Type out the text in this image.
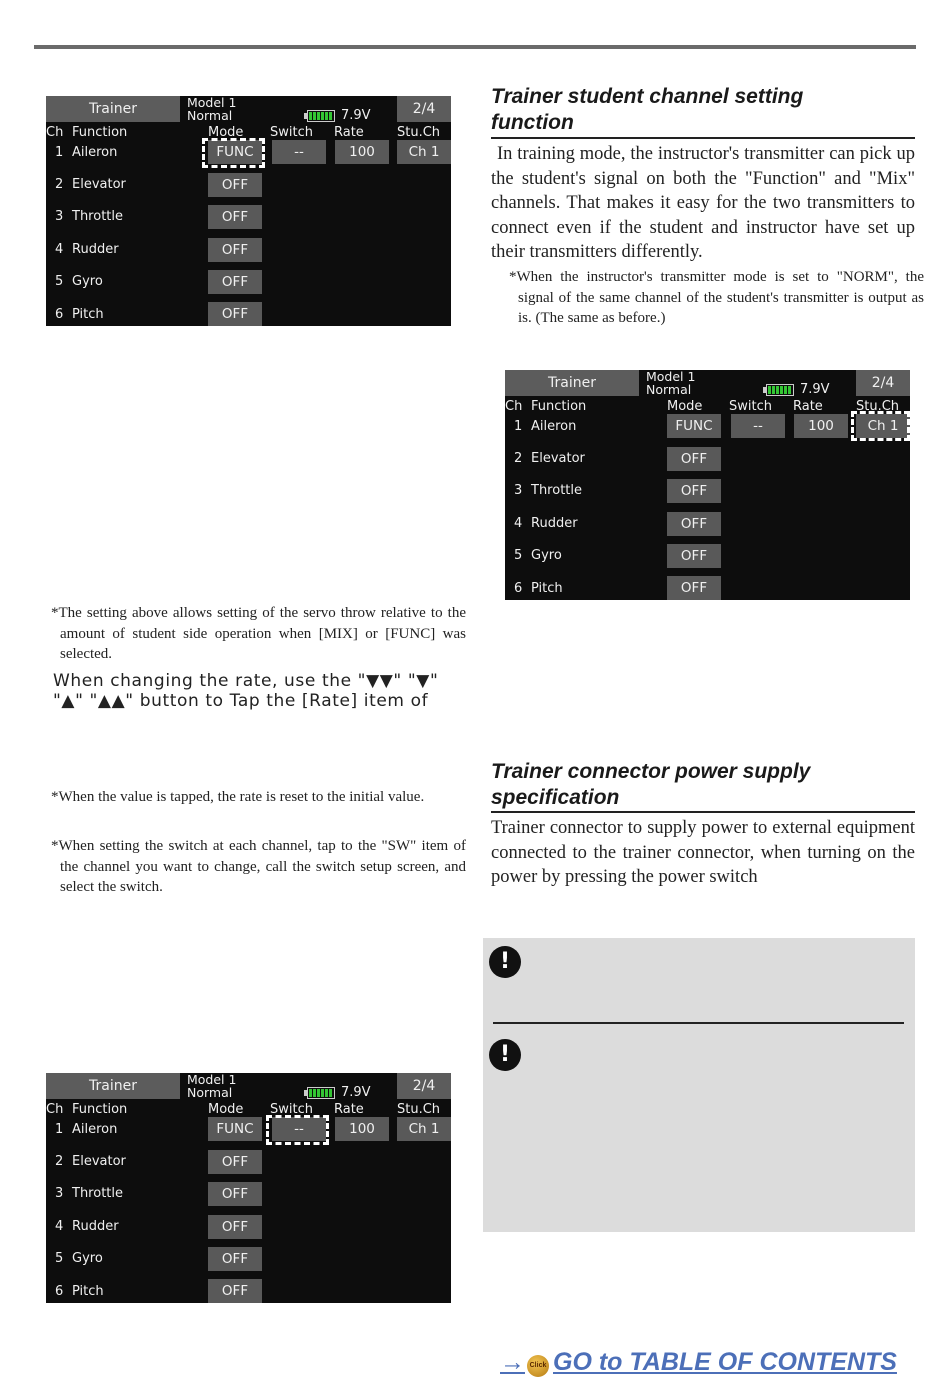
Trainer	Model 1
Normal	7.9V	2/4
Ch Function	Mode Switch Rate	Stu.Ch
1 Aileron	FUNC	--	100	Ch 1
2 Elevator	OFF
3 Throttle	OFF
4 Rudder	OFF
5 Gyro	OFF
6 Pitch	OFF
Trainer	Model 1
Normal	7.9V	2/4
Ch Function	Mode Switch Rate	Stu.Ch
1 Aileron	FUNC	--	100	Ch 1
2 Elevator	OFF
3 Throttle	OFF
4 Rudder	OFF
5 Gyro	OFF
6 Pitch	OFF
Trainer	Model 1
Normal	7.9V	2/4
Ch Function	Mode Switch Rate	Stu.Ch
1 Aileron	FUNC	--	100	Ch 1
2 Elevator	OFF
3 Throttle	OFF
4 Rudder	OFF
5 Gyro	OFF
6 Pitch	OFF
*The setting above allows setting of the servo throw relative to the amount of student side operation when [MIX] or [FUNC] was selected.
When changing the rate, use the "▼▼" "▼"
"▲" "▲▲" button to Tap the [Rate] item of
*When the value is tapped, the rate is reset to the initial value.
*When setting the switch at each channel, tap to the "SW" item of the channel you want to change, call the switch setup screen, and select the switch.
Trainer student channel setting
function
In training mode, the instructor's transmitter can pick up the student's signal on both the "Function" and "Mix" channels. That makes it easy for the two transmitters to connect even if the student and instructor have set up their transmitters differently.
*When the instructor's transmitter mode is set to "NORM", the signal of the same channel of the student's transmitter is output as is. (The same as before.)
Trainer connector power supply
specification
Trainer connector to supply power to external equipment connected to the trainer connector, when turning on the power by pressing the power switch
!
!
→ Click GO to TABLE OF CONTENTS
